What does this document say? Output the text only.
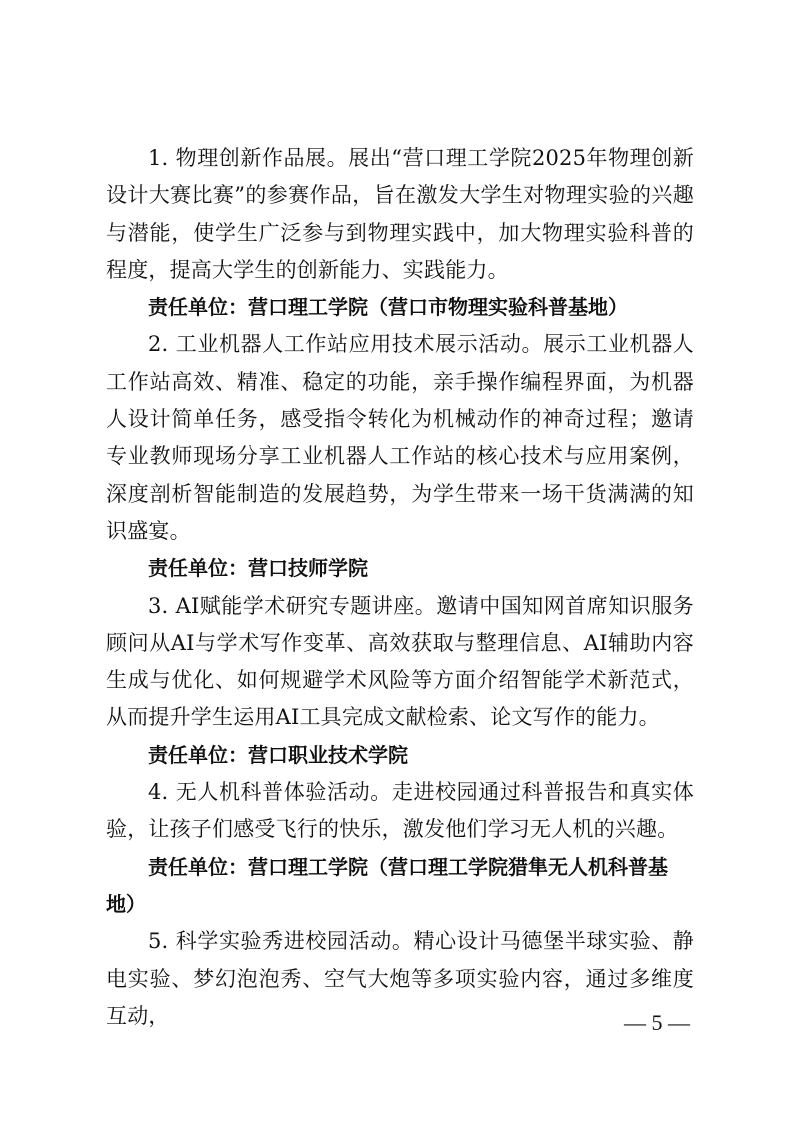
1. 物理创新作品展。展出“营口理工学院2025年物理创新设计大赛比赛”的参赛作品，旨在激发大学生对物理实验的兴趣与潜能，使学生广泛参与到物理实践中，加大物理实验科普的程度，提高大学生的创新能力、实践能力。

责任单位：营口理工学院（营口市物理实验科普基地）

2. 工业机器人工作站应用技术展示活动。展示工业机器人工作站高效、精准、稳定的功能，亲手操作编程界面，为机器人设计简单任务，感受指令转化为机械动作的神奇过程；邀请专业教师现场分享工业机器人工作站的核心技术与应用案例，深度剖析智能制造的发展趋势，为学生带来一场干货满满的知识盛宴。

责任单位：营口技师学院

3. AI赋能学术研究专题讲座。邀请中国知网首席知识服务顾问从AI与学术写作变革、高效获取与整理信息、AI辅助内容生成与优化、如何规避学术风险等方面介绍智能学术新范式，从而提升学生运用AI工具完成文献检索、论文写作的能力。

责任单位：营口职业技术学院

4. 无人机科普体验活动。走进校园通过科普报告和真实体验，让孩子们感受飞行的快乐，激发他们学习无人机的兴趣。

责任单位：营口理工学院（营口理工学院猎隼无人机科普基地）

5. 科学实验秀进校园活动。精心设计马德堡半球实验、静电实验、梦幻泡泡秀、空气大炮等多项实验内容，通过多维度互动，	— 5 —
